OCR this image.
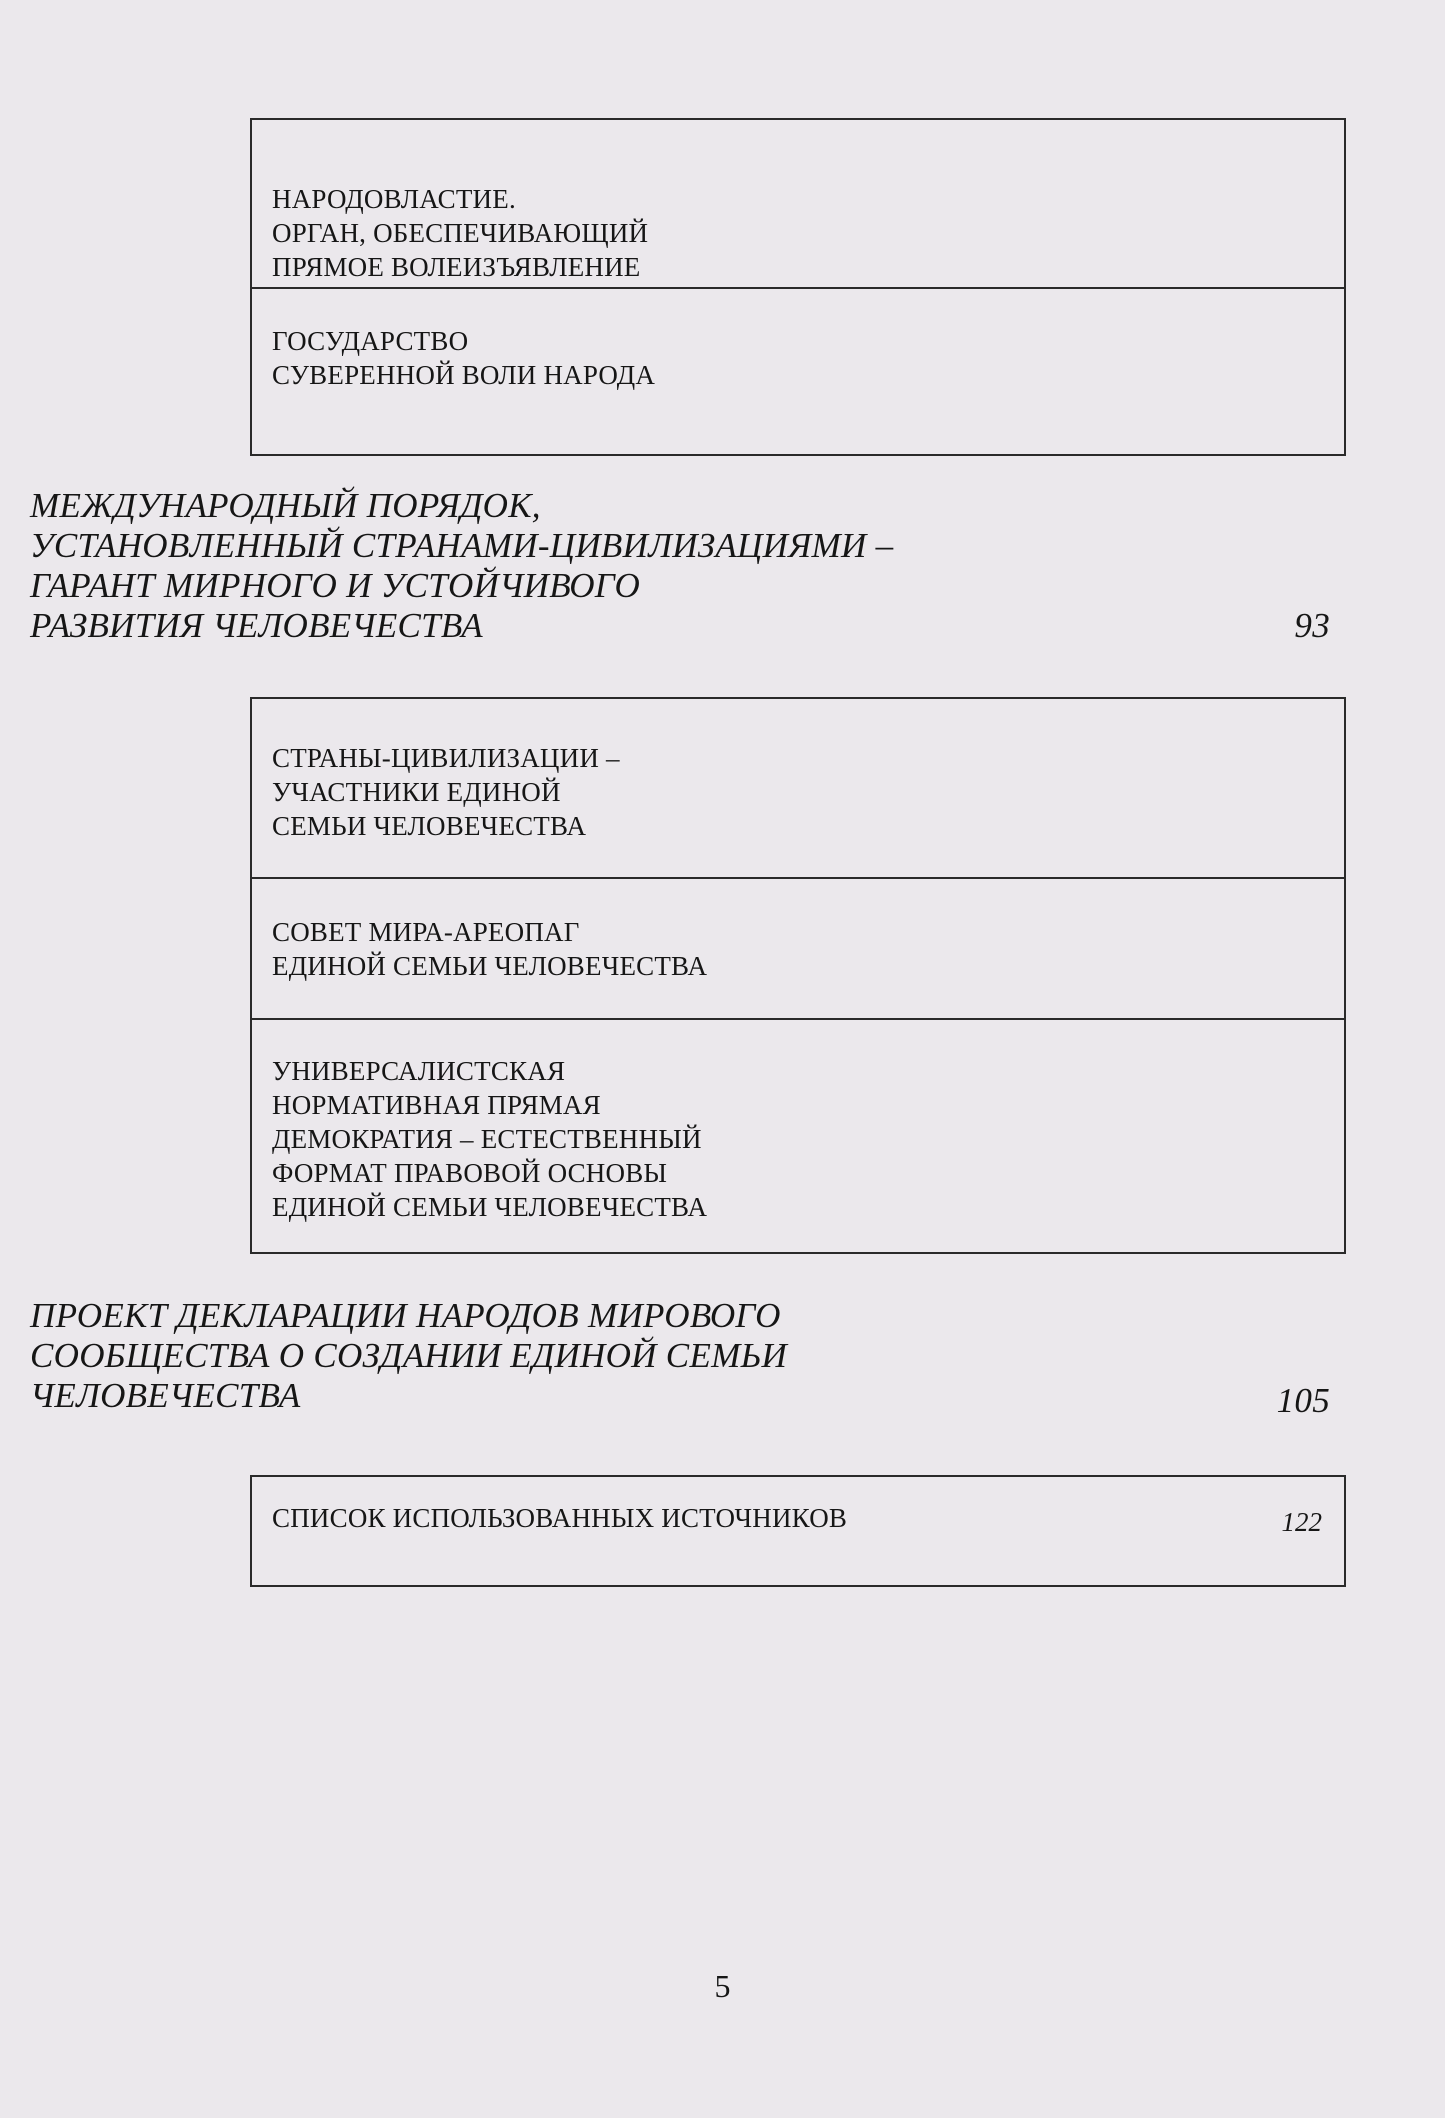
НАРОДОВЛАСТИЕ.
ОРГАН, ОБЕСПЕЧИВАЮЩИЙ
ПРЯМОЕ ВОЛЕИЗЪЯВЛЕНИЕ
ГОСУДАРСТВО
СУВЕРЕННОЙ ВОЛИ НАРОДА
МЕЖДУНАРОДНЫЙ ПОРЯДОК,
УСТАНОВЛЕННЫЙ СТРАНАМИ-ЦИВИЛИЗАЦИЯМИ –
ГАРАНТ МИРНОГО И УСТОЙЧИВОГО
РАЗВИТИЯ ЧЕЛОВЕЧЕСТВА	93
СТРАНЫ-ЦИВИЛИЗАЦИИ –
УЧАСТНИКИ ЕДИНОЙ
СЕМЬИ ЧЕЛОВЕЧЕСТВА
СОВЕТ МИРА-АРЕОПАГ
ЕДИНОЙ СЕМЬИ ЧЕЛОВЕЧЕСТВА
УНИВЕРСАЛИСТСКАЯ
НОРМАТИВНАЯ ПРЯМАЯ
ДЕМОКРАТИЯ – ЕСТЕСТВЕННЫЙ
ФОРМАТ ПРАВОВОЙ ОСНОВЫ
ЕДИНОЙ СЕМЬИ ЧЕЛОВЕЧЕСТВА
ПРОЕКТ ДЕКЛАРАЦИИ НАРОДОВ МИРОВОГО
СООБЩЕСТВА О СОЗДАНИИ ЕДИНОЙ СЕМЬИ
ЧЕЛОВЕЧЕСТВА	105
СПИСОК ИСПОЛЬЗОВАННЫХ ИСТОЧНИКОВ	122
5
